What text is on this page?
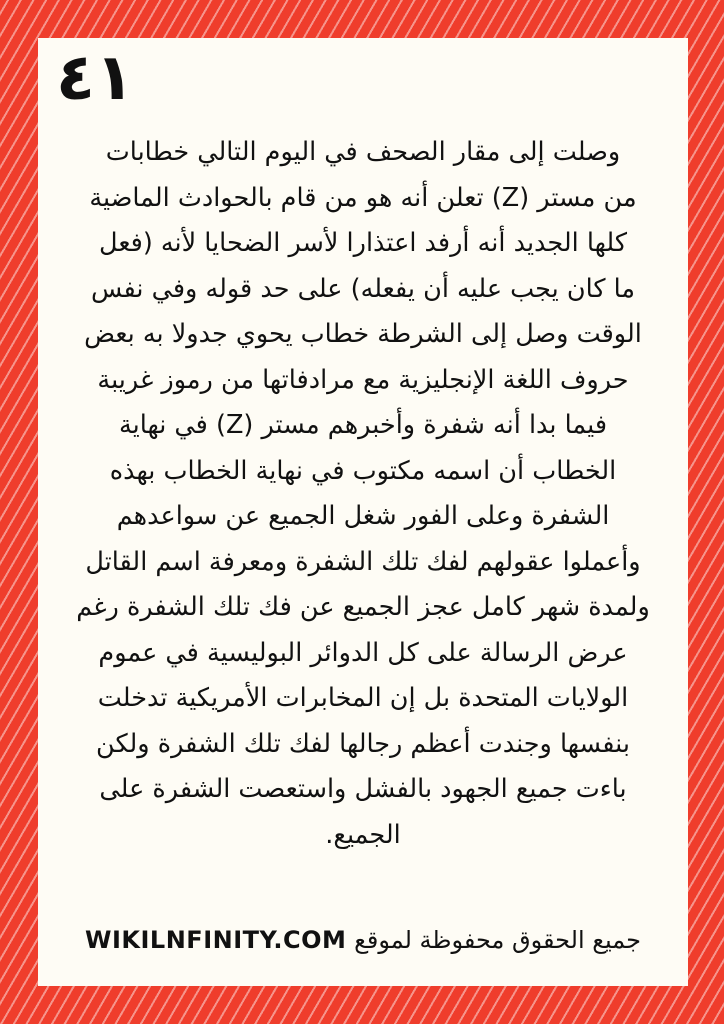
٤١

وصلت إلى مقار الصحف في اليوم التالي خطابات
من مستر (Z) تعلن أنه هو من قام بالحوادث الماضية
كلها الجديد أنه أرفد اعتذارا لأسر الضحايا لأنه (فعل
ما كان يجب عليه أن يفعله) على حد قوله وفي نفس
الوقت وصل إلى الشرطة خطاب يحوي جدولا به بعض
حروف اللغة الإنجليزية مع مرادفاتها من رموز غريبة
فيما بدا أنه شفرة وأخبرهم مستر (Z) في نهاية
الخطاب أن اسمه مكتوب في نهاية الخطاب بهذه
الشفرة وعلى الفور شغل الجميع عن سواعدهم
وأعملوا عقولهم لفك تلك الشفرة ومعرفة اسم القاتل
ولمدة شهر كامل عجز الجميع عن فك تلك الشفرة رغم
عرض الرسالة على كل الدوائر البوليسية في عموم
الولايات المتحدة بل إن المخابرات الأمريكية تدخلت
بنفسها وجندت أعظم رجالها لفك تلك الشفرة ولكن
باءت جميع الجهود بالفشل واستعصت الشفرة على
الجميع.

WIKILNFINITY.COM جميع الحقوق محفوظة لموقع
